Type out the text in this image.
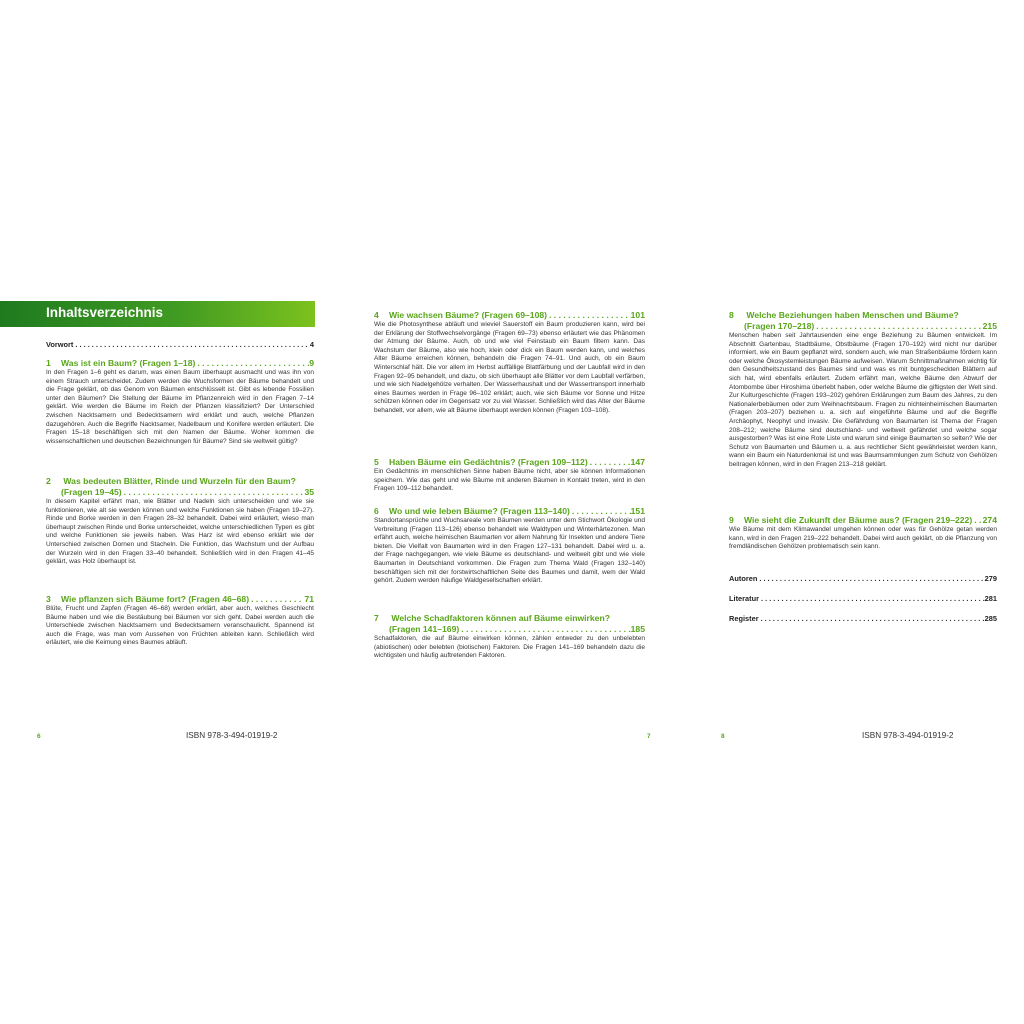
Inhaltsverzeichnis
Vorwort . . .	4
1	Was ist ein Baum? (Fragen 1–18) . . .	9

In den Fragen 1–6 geht es darum, was einen Baum überhaupt ausmacht und was ihn von einem Strauch unterscheidet. Zudem werden die Wuchsformen der Bäume behandelt und die Frage geklärt, ob das Genom von Bäumen entschlüsselt ist. Gibt es lebende Fossilien unter den Bäumen? Die Stellung der Bäume im Pflanzenreich wird in den Fragen 7–14 geklärt. Wie werden die Bäume im Reich der Pflanzen klassifiziert? Der Unterschied zwischen Nacktsamern und Bedecktsamern wird erklärt und auch, welche Pflanzen dazugehören. Auch die Begriffe Nacktsamer, Nadelbaum und Konifere werden erläutert. Die Fragen 15–18 beschäftigen sich mit den Namen der Bäume. Woher kommen die wissenschaftlichen und deutschen Bezeichnungen für Bäume? Sind sie weltweit gültig?

2 Was bedeuten Blätter, Rinde und Wurzeln für den Baum?
(Fragen 19–45) . . .	35

In diesem Kapitel erfährt man, wie Blätter und Nadeln sich unterscheiden und wie sie funktionieren, wie alt sie werden können und welche Funktionen sie haben (Fragen 19–27). Rinde und Borke werden in den Fragen 28–32 behandelt. Dabei wird erläutert, wieso man überhaupt zwischen Rinde und Borke unterscheidet, welche unterschiedlichen Typen es gibt und welche Funktionen sie jeweils haben. Was Harz ist wird ebenso erklärt wie der Unterschied zwischen Dornen und Stacheln. Die Funktion, das Wachstum und der Aufbau der Wurzeln wird in den Fragen 33–40 behandelt. Schließlich wird in den Fragen 41–45 geklärt, was Holz überhaupt ist.

3	Wie pflanzen sich Bäume fort? (Fragen 46–68) . . .	71

Blüte, Frucht und Zapfen (Fragen 46–68) werden erklärt, aber auch, welches Geschlecht Bäume haben und wie die Bestäubung bei Bäumen vor sich geht. Dabei werden auch die Unterschiede zwischen Nacktsamern und Bedecktsamern veranschaulicht. Spannend ist auch die Frage, was man vom Aussehen von Früchten ableiten kann. Schließlich wird erläutert, wie die Keimung eines Baumes abläuft.

4	Wie wachsen Bäume? (Fragen 69–108) . . .	101

Wie die Photosynthese abläuft und wieviel Sauerstoff ein Baum produzieren kann, wird bei der Erklärung der Stoffwechselvorgänge (Fragen 69–73) ebenso erläutert wie das Phänomen der Atmung der Bäume. Auch, ob und wie viel Feinstaub ein Baum filtern kann. Das Wachstum der Bäume, also wie hoch, klein oder dick ein Baum werden kann, und welches Alter Bäume erreichen können, behandeln die Fragen 74–91. Und auch, ob ein Baum Winterschlaf hält. Die vor allem im Herbst auffällige Blattfärbung und der Laubfall wird in den Fragen 92–95 behandelt, und dazu, ob sich überhaupt alle Blätter vor dem Laubfall verfärben, und wie sich Nadelgehölze verhalten. Der Wasserhaushalt und der Wassertransport innerhalb eines Baumes werden in Frage 96–102 erklärt; auch, wie sich Bäume vor Sonne und Hitze schützen können oder im Gegensatz vor zu viel Wasser. Schließlich wird das Alter der Bäume behandelt, vor allem, wie alt Bäume überhaupt werden können (Fragen 103–108).

5	Haben Bäume ein Gedächtnis? (Fragen 109–112) . . .	147

Ein Gedächtnis im menschlichen Sinne haben Bäume nicht, aber sie können Informationen speichern. Wie das geht und wie Bäume mit anderen Bäumen in Kontakt treten, wird in den Fragen 109–112 behandelt.

6	Wo und wie leben Bäume? (Fragen 113–140) . . .	151

Standortansprüche und Wuchsareale vom Bäumen werden unter dem Stichwort Ökologie und Verbreitung (Fragen 113–126) ebenso behandelt wie Waldtypen und Winterhärtezonen. Man erfährt auch, welche heimischen Baumarten vor allem Nahrung für Insekten und andere Tiere bieten. Die Vielfalt von Baumarten wird in den Fragen 127–131 behandelt. Dabei wird u. a. der Frage nachgegangen, wie viele Bäume es deutschland- und weltweit gibt und wie viele Baumarten in Deutschland vorkommen. Die Fragen zum Thema Wald (Fragen 132–140) beschäftigen sich mit der forstwirtschaftlichen Seite des Baumes und damit, wem der Wald gehört. Zudem werden häufige Waldgesellschaften erklärt.

7 Welche Schadfaktoren können auf Bäume einwirken?
(Fragen 141–169) . . .	185

Schadfaktoren, die auf Bäume einwirken können, zählen entweder zu den unbelebten (abiotischen) oder belebten (biotischen) Faktoren. Die Fragen 141–169 behandeln dazu die wichtigsten und häufig auftretenden Faktoren.

8 Welche Beziehungen haben Menschen und Bäume?
(Fragen 170–218) . . .	215

Menschen haben seit Jahrtausenden eine enge Beziehung zu Bäumen entwickelt. Im Abschnitt Gartenbau, Stadtbäume, Obstbäume (Fragen 170–192) wird nicht nur darüber informiert, wie ein Baum gepflanzt wird, sondern auch, wie man Straßenbäume fördern kann oder welche Ökosystemleistungen Bäume aufweisen. Warum Schnittmaßnahmen wichtig für den Gesundheitszustand des Baumes sind und was es mit buntgescheckten Blättern auf sich hat, wird ebenfalls erläutert. Zudem erfährt man, welche Bäume den Abwurf der Atombombe über Hiroshima überlebt haben, oder welche Bäume die giftigsten der Welt sind. Zur Kulturgeschichte (Fragen 193–202) gehören Erklärungen zum Baum des Jahres, zu den Nationalerbebäumen oder zum Weihnachtsbaum. Fragen zu nichteinheimischen Baumarten (Fragen 203–207) beziehen u. a. sich auf eingeführte Bäume und auf die Begriffe Archäophyt, Neophyt und invasiv. Die Gefährdung von Baumarten ist Thema der Fragen 208–212; welche Bäume sind deutschland- und weltweit gefährdet und welche sogar ausgestorben? Was ist eine Rote Liste und warum sind einige Baumarten so selten? Wie der Schutz von Baumarten und Bäumen u. a. aus rechtlicher Sicht gewährleistet werden kann, wann ein Baum ein Naturdenkmal ist und was Baumsammlungen zum Schutz von Gehölzen beitragen können, wird in den Fragen 213–218 geklärt.

9	Wie sieht die Zukunft der Bäume aus? (Fragen 219–222) . . . 274

Wie Bäume mit dem Klimawandel umgehen können oder was für Gehölze getan werden kann, wird in den Fragen 219–222 behandelt. Dabei wird auch geklärt, ob die Pflanzung von fremdländischen Gehölzen problematisch sein kann.

Autoren . . .	279
Literatur . . .	281
Register . . .	285
6	ISBN 978-3-494-01919-2	7	8	ISBN 978-3-494-01919-2
